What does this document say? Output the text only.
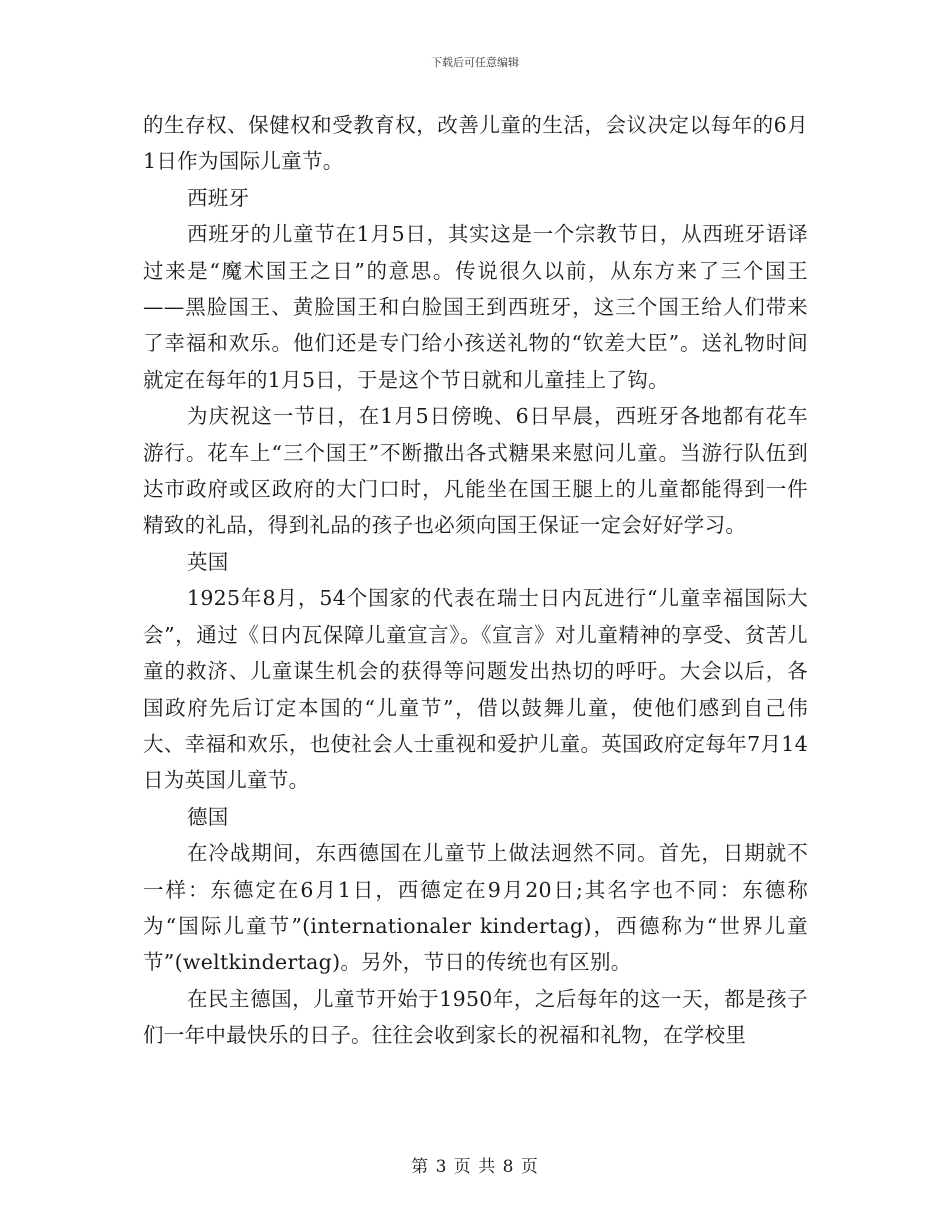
下载后可任意编辑

的生存权、保健权和受教育权，改善儿童的生活，会议决定以每年的6月1日作为国际儿童节。

西班牙

西班牙的儿童节在1月5日，其实这是一个宗教节日，从西班牙语译过来是“魔术国王之日”的意思。传说很久以前，从东方来了三个国王——黑脸国王、黄脸国王和白脸国王到西班牙，这三个国王给人们带来了幸福和欢乐。他们还是专门给小孩送礼物的“钦差大臣”。送礼物时间就定在每年的1月5日，于是这个节日就和儿童挂上了钩。

为庆祝这一节日，在1月5日傍晚、6日早晨，西班牙各地都有花车游行。花车上“三个国王”不断撒出各式糖果来慰问儿童。当游行队伍到达市政府或区政府的大门口时，凡能坐在国王腿上的儿童都能得到一件精致的礼品，得到礼品的孩子也必须向国王保证一定会好好学习。

英国

1925年8月，54个国家的代表在瑞士日内瓦进行“儿童幸福国际大会”，通过《日内瓦保障儿童宣言》。《宣言》对儿童精神的享受、贫苦儿童的救济、儿童谋生机会的获得等问题发出热切的呼吁。大会以后，各国政府先后订定本国的“儿童节”，借以鼓舞儿童，使他们感到自己伟大、幸福和欢乐，也使社会人士重视和爱护儿童。英国政府定每年7月14日为英国儿童节。

德国

在冷战期间，东西德国在儿童节上做法迥然不同。首先，日期就不一样：东德定在6月1日，西德定在9月20日;其名字也不同：东德称为“国际儿童节”(internationaler kindertag)，西德称为“世界儿童节”(weltkindertag)。另外，节日的传统也有区别。

在民主德国，儿童节开始于1950年，之后每年的这一天，都是孩子们一年中最快乐的日子。往往会收到家长的祝福和礼物，在学校里

第 3 页 共 8 页
